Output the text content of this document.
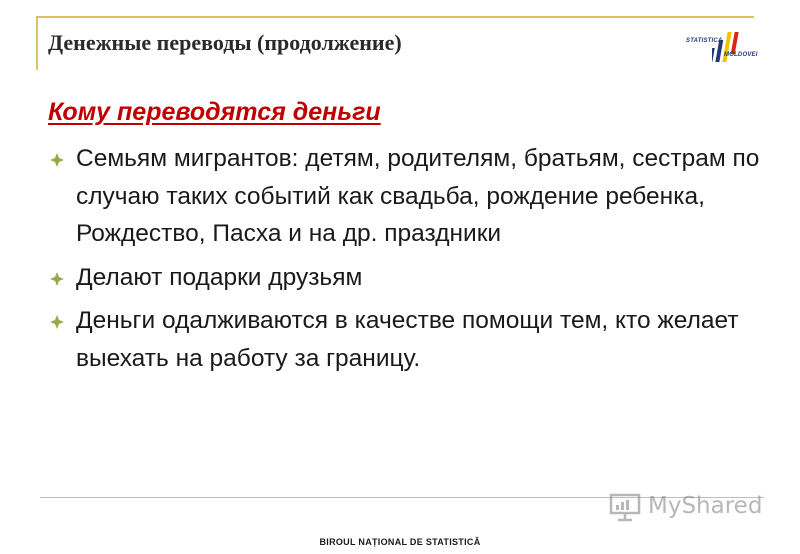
Денежные переводы (продолжение)	STATISTICA
MOLDOVEI
Кому переводятся деньги
Семьям мигрантов: детям, родителям, братьям, сестрам по случаю таких событий как свадьба, рождение ребенка, Рождество, Пасха и на др. праздники
Делают подарки друзьям
Деньги одалживаются в качестве помощи тем, кто желает выехать на работу за границу.
MyShared
BIROUL NAȚIONAL DE STATISTICĂ
